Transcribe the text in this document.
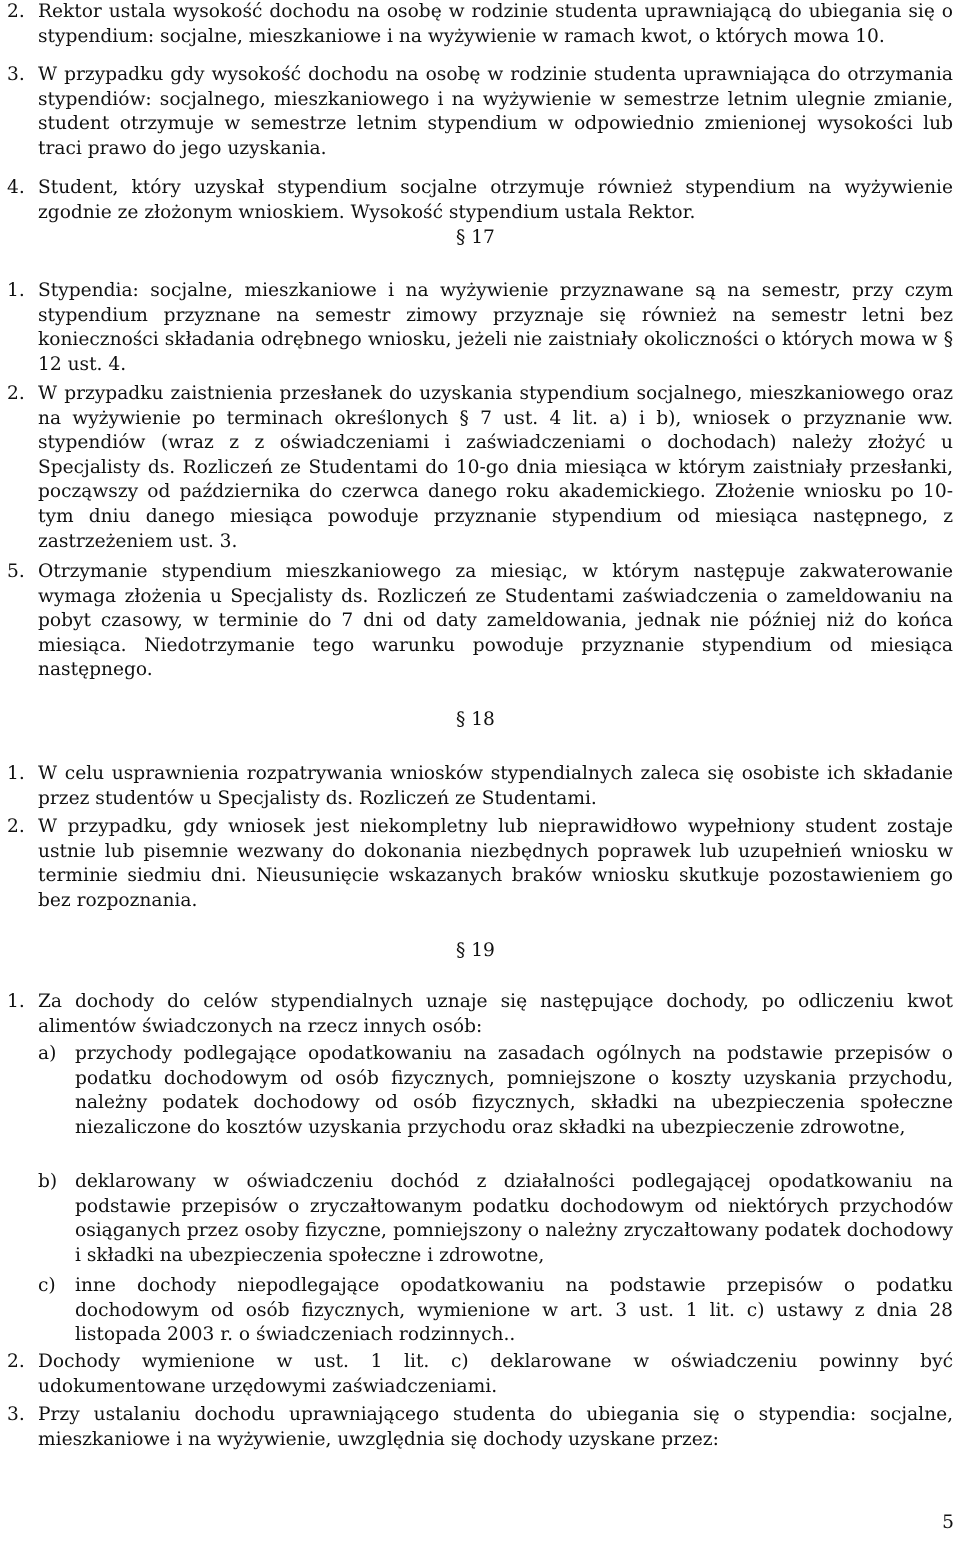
2. Rektor ustala wysokość dochodu na osobę w rodzinie studenta uprawniającą do ubiegania się o stypendium: socjalne, mieszkaniowe i na wyżywienie w ramach kwot, o których mowa 10.
3. W przypadku gdy wysokość dochodu na osobę w rodzinie studenta uprawniająca do otrzymania stypendiów: socjalnego, mieszkaniowego i na wyżywienie w semestrze letnim ulegnie zmianie, student otrzymuje w semestrze letnim stypendium w odpowiednio zmienionej wysokości lub traci prawo do jego uzyskania.
4. Student, który uzyskał stypendium socjalne otrzymuje również stypendium na wyżywienie zgodnie ze złożonym wnioskiem. Wysokość stypendium ustala Rektor.
§ 17
1. Stypendia: socjalne, mieszkaniowe i na wyżywienie przyznawane są na semestr, przy czym stypendium przyznane na semestr zimowy przyznaje się również na semestr letni bez konieczności składania odrębnego wniosku, jeżeli nie zaistniały okoliczności o których mowa w § 12 ust. 4.
2. W przypadku zaistnienia przesłanek do uzyskania stypendium socjalnego, mieszkaniowego oraz na wyżywienie po terminach określonych § 7 ust. 4 lit. a) i b), wniosek o przyznanie ww. stypendiów (wraz z z oświadczeniami i zaświadczeniami o dochodach) należy złożyć u Specjalisty ds. Rozliczeń ze Studentami do 10-go dnia miesiąca w którym zaistniały przesłanki, począwszy od października do czerwca danego roku akademickiego. Złożenie wniosku po 10-tym dniu danego miesiąca powoduje przyznanie stypendium od miesiąca następnego, z zastrzeżeniem ust. 3.
5. Otrzymanie stypendium mieszkaniowego za miesiąc, w którym następuje zakwaterowanie wymaga złożenia u Specjalisty ds. Rozliczeń ze Studentami zaświadczenia o zameldowaniu na pobyt czasowy, w terminie do 7 dni od daty zameldowania, jednak nie później niż do końca miesiąca. Niedotrzymanie tego warunku powoduje przyznanie stypendium od miesiąca następnego.
§ 18
1. W celu usprawnienia rozpatrywania wniosków stypendialnych zaleca się osobiste ich składanie przez studentów u Specjalisty ds. Rozliczeń ze Studentami.
2. W przypadku, gdy wniosek jest niekompletny lub nieprawidłowo wypełniony student zostaje ustnie lub pisemnie wezwany do dokonania niezbędnych poprawek lub uzupełnień wniosku w terminie siedmiu dni. Nieusunięcie wskazanych braków wniosku skutkuje pozostawieniem go bez rozpoznania.
§ 19
1. Za dochody do celów stypendialnych uznaje się następujące dochody, po odliczeniu kwot alimentów świadczonych na rzecz innych osób:
a)	przychody podlegające opodatkowaniu na zasadach ogólnych na podstawie przepisów o podatku dochodowym od osób fizycznych, pomniejszone o koszty uzyskania przychodu, należny podatek dochodowy od osób fizycznych, składki na ubezpieczenia społeczne niezaliczone do kosztów uzyskania przychodu oraz składki na ubezpieczenie zdrowotne,
b) deklarowany w oświadczeniu dochód z działalności podlegającej opodatkowaniu na podstawie przepisów o zryczałtowanym podatku dochodowym od niektórych przychodów osiąganych przez osoby fizyczne, pomniejszony o należny zryczałtowany podatek dochodowy i składki na ubezpieczenia społeczne i zdrowotne,
c)	inne dochody niepodlegające opodatkowaniu na podstawie przepisów o podatku dochodowym od osób fizycznych, wymienione w art. 3 ust. 1 lit. c) ustawy z dnia 28 listopada 2003 r. o świadczeniach rodzinnych..
2. Dochody wymienione w ust. 1 lit. c) deklarowane w oświadczeniu powinny być udokumentowane urzędowymi zaświadczeniami.
3. Przy ustalaniu dochodu uprawniającego studenta do ubiegania się o stypendia: socjalne, mieszkaniowe i na wyżywienie, uwzględnia się dochody uzyskane przez:
5
